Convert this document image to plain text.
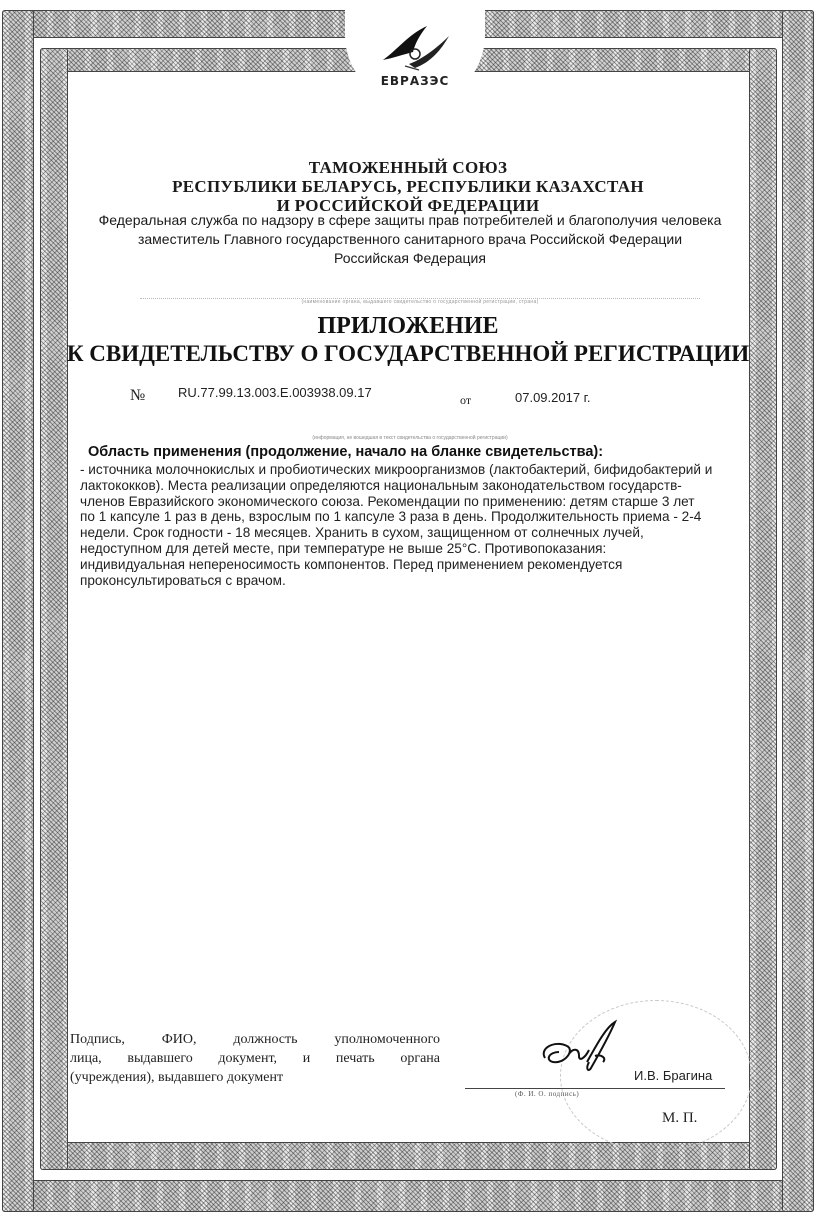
ЕВРАЗЭС
ТАМОЖЕННЫЙ СОЮЗ
РЕСПУБЛИКИ БЕЛАРУСЬ, РЕСПУБЛИКИ КАЗАХСТАН
И РОССИЙСКОЙ ФЕДЕРАЦИИ
Федеральная служба по надзору в сфере защиты прав потребителей и благополучия человека
заместитель Главного государственного санитарного врача Российской Федерации
Российская Федерация
(наименование органа, выдавшего свидетельство о государственной регистрации, страна)
ПРИЛОЖЕНИЕ
К СВИДЕТЕЛЬСТВУ О ГОСУДАРСТВЕННОЙ РЕГИСТРАЦИИ
№	RU.77.99.13.003.E.003938.09.17	от	07.09.2017 г.
(информация, не вошедшая в текст свидетельства о государственной регистрации)
Область применения (продолжение, начало на бланке свидетельства):
- источника молочнокислых и пробиотических микроорганизмов (лактобактерий, бифидобактерий и
лактококков). Места реализации определяются национальным законодательством государств-
членов Евразийского экономического союза. Рекомендации по применению: детям старше 3 лет
по 1 капсуле 1 раз в день, взрослым по 1 капсуле 3 раза в день. Продолжительность приема - 2-4
недели. Срок годности - 18 месяцев. Хранить в сухом, защищенном от солнечных лучей,
недоступном для детей месте, при температуре не выше 25°С. Противопоказания:
индивидуальная непереносимость компонентов. Перед применением рекомендуется
проконсультироваться с врачом.
Подпись, ФИО, должность уполномоченного
лица, выдавшего документ, и печать органа
(учреждения), выдавшего документ	И.В. Брагина
(Ф. И. О. подпись)
М. П.
